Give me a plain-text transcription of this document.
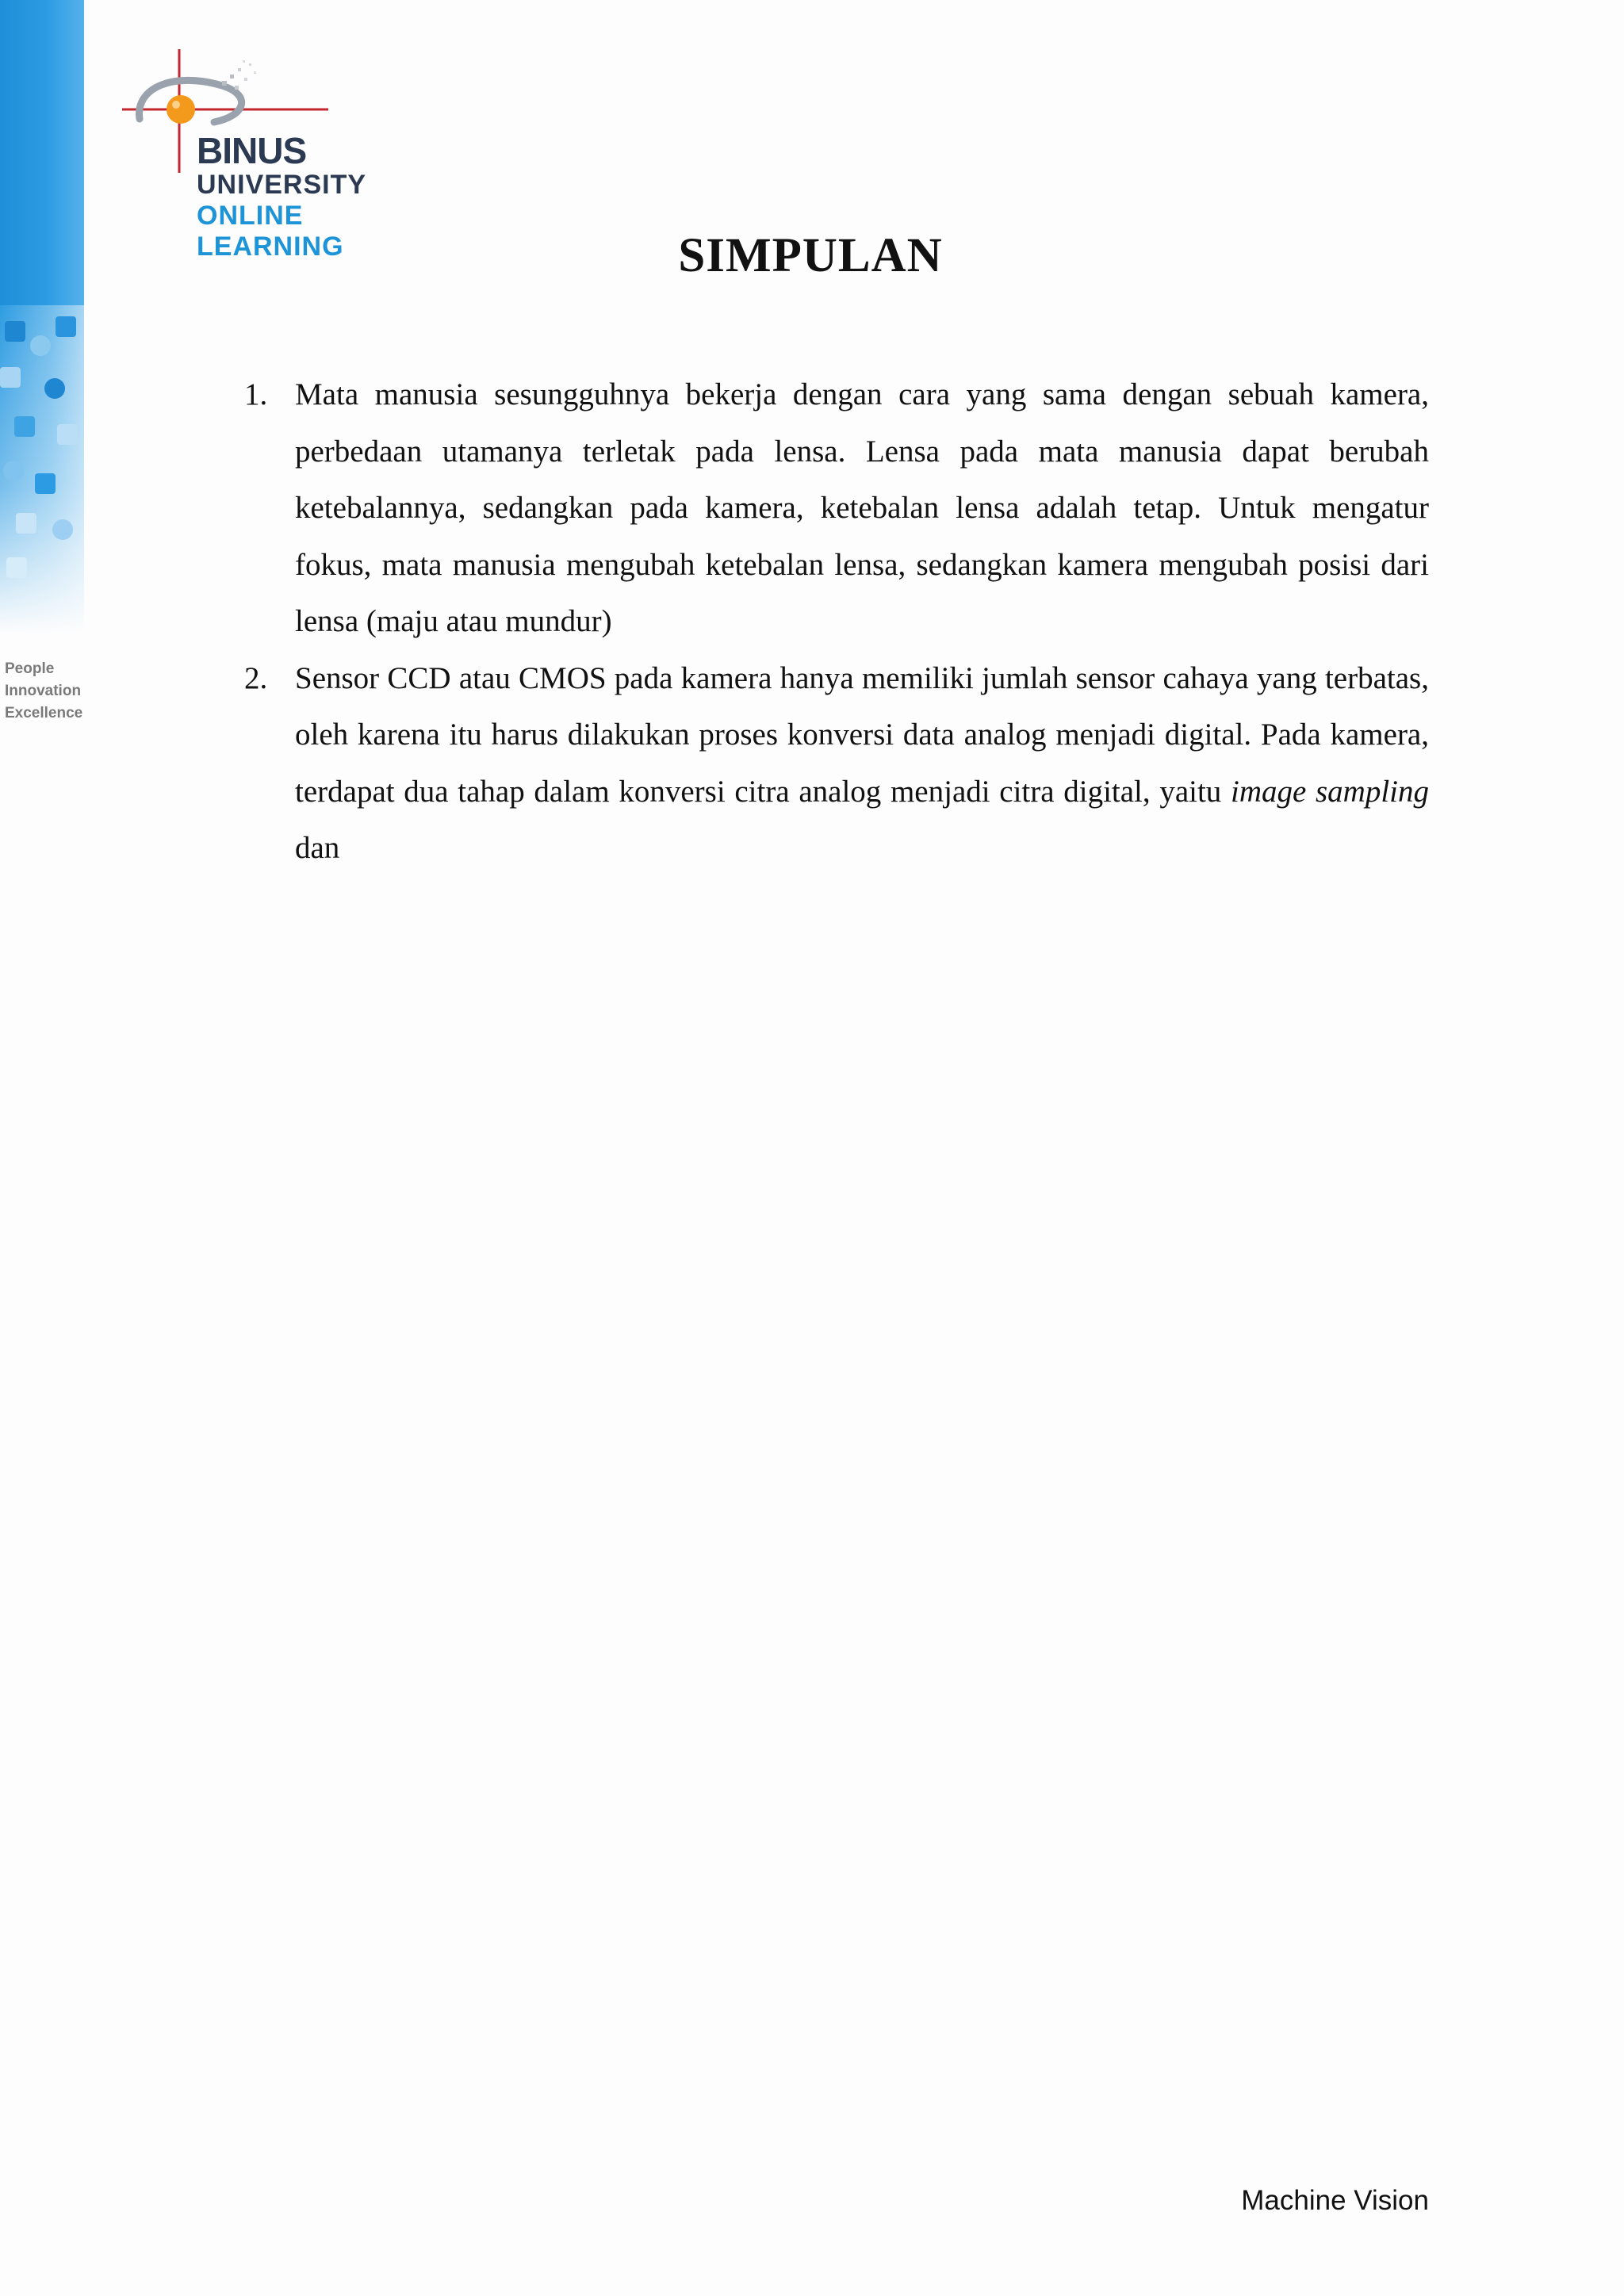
People
Innovation
Excellence
BINUS
UNIVERSITY
ONLINE
LEARNING	SIMPULAN
1. Mata manusia sesungguhnya bekerja dengan cara yang sama dengan sebuah kamera, perbedaan utamanya terletak pada lensa. Lensa pada mata manusia dapat berubah ketebalannya, sedangkan pada kamera, ketebalan lensa adalah tetap. Untuk mengatur fokus, mata manusia mengubah ketebalan lensa, sedangkan kamera mengubah posisi dari lensa (maju atau mundur)
2. Sensor CCD atau CMOS pada kamera hanya memiliki jumlah sensor cahaya yang terbatas, oleh karena itu harus dilakukan proses konversi data analog menjadi digital. Pada kamera, terdapat dua tahap dalam konversi citra analog menjadi citra digital, yaitu image sampling dan
Machine Vision
